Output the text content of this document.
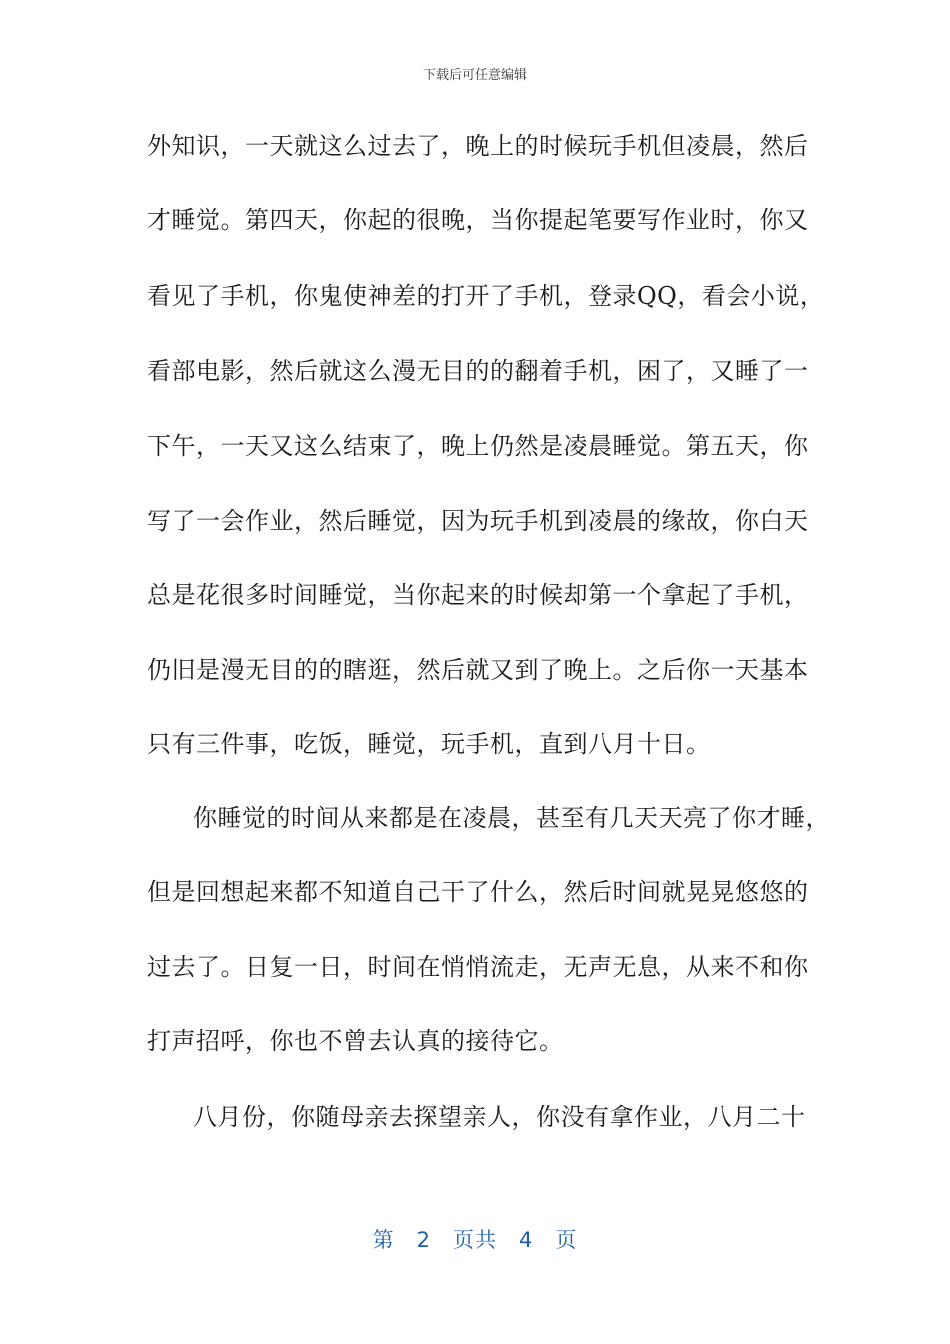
下载后可任意编辑
外知识，一天就这么过去了，晚上的时候玩手机但凌晨，然后
才睡觉。第四天，你起的很晚，当你提起笔要写作业时，你又
看见了手机，你鬼使神差的打开了手机，登录QQ，看会小说，
看部电影，然后就这么漫无目的的翻着手机，困了，又睡了一
下午，一天又这么结束了，晚上仍然是凌晨睡觉。第五天，你
写了一会作业，然后睡觉，因为玩手机到凌晨的缘故，你白天
总是花很多时间睡觉，当你起来的时候却第一个拿起了手机，
仍旧是漫无目的的瞎逛，然后就又到了晚上。之后你一天基本
只有三件事，吃饭，睡觉，玩手机，直到八月十日。
你睡觉的时间从来都是在凌晨，甚至有几天天亮了你才睡，
但是回想起来都不知道自己干了什么，然后时间就晃晃悠悠的
过去了。日复一日，时间在悄悄流走，无声无息，从来不和你
打声招呼，你也不曾去认真的接待它。
八月份，你随母亲去探望亲人，你没有拿作业，八月二十
第 2 页共 4 页
